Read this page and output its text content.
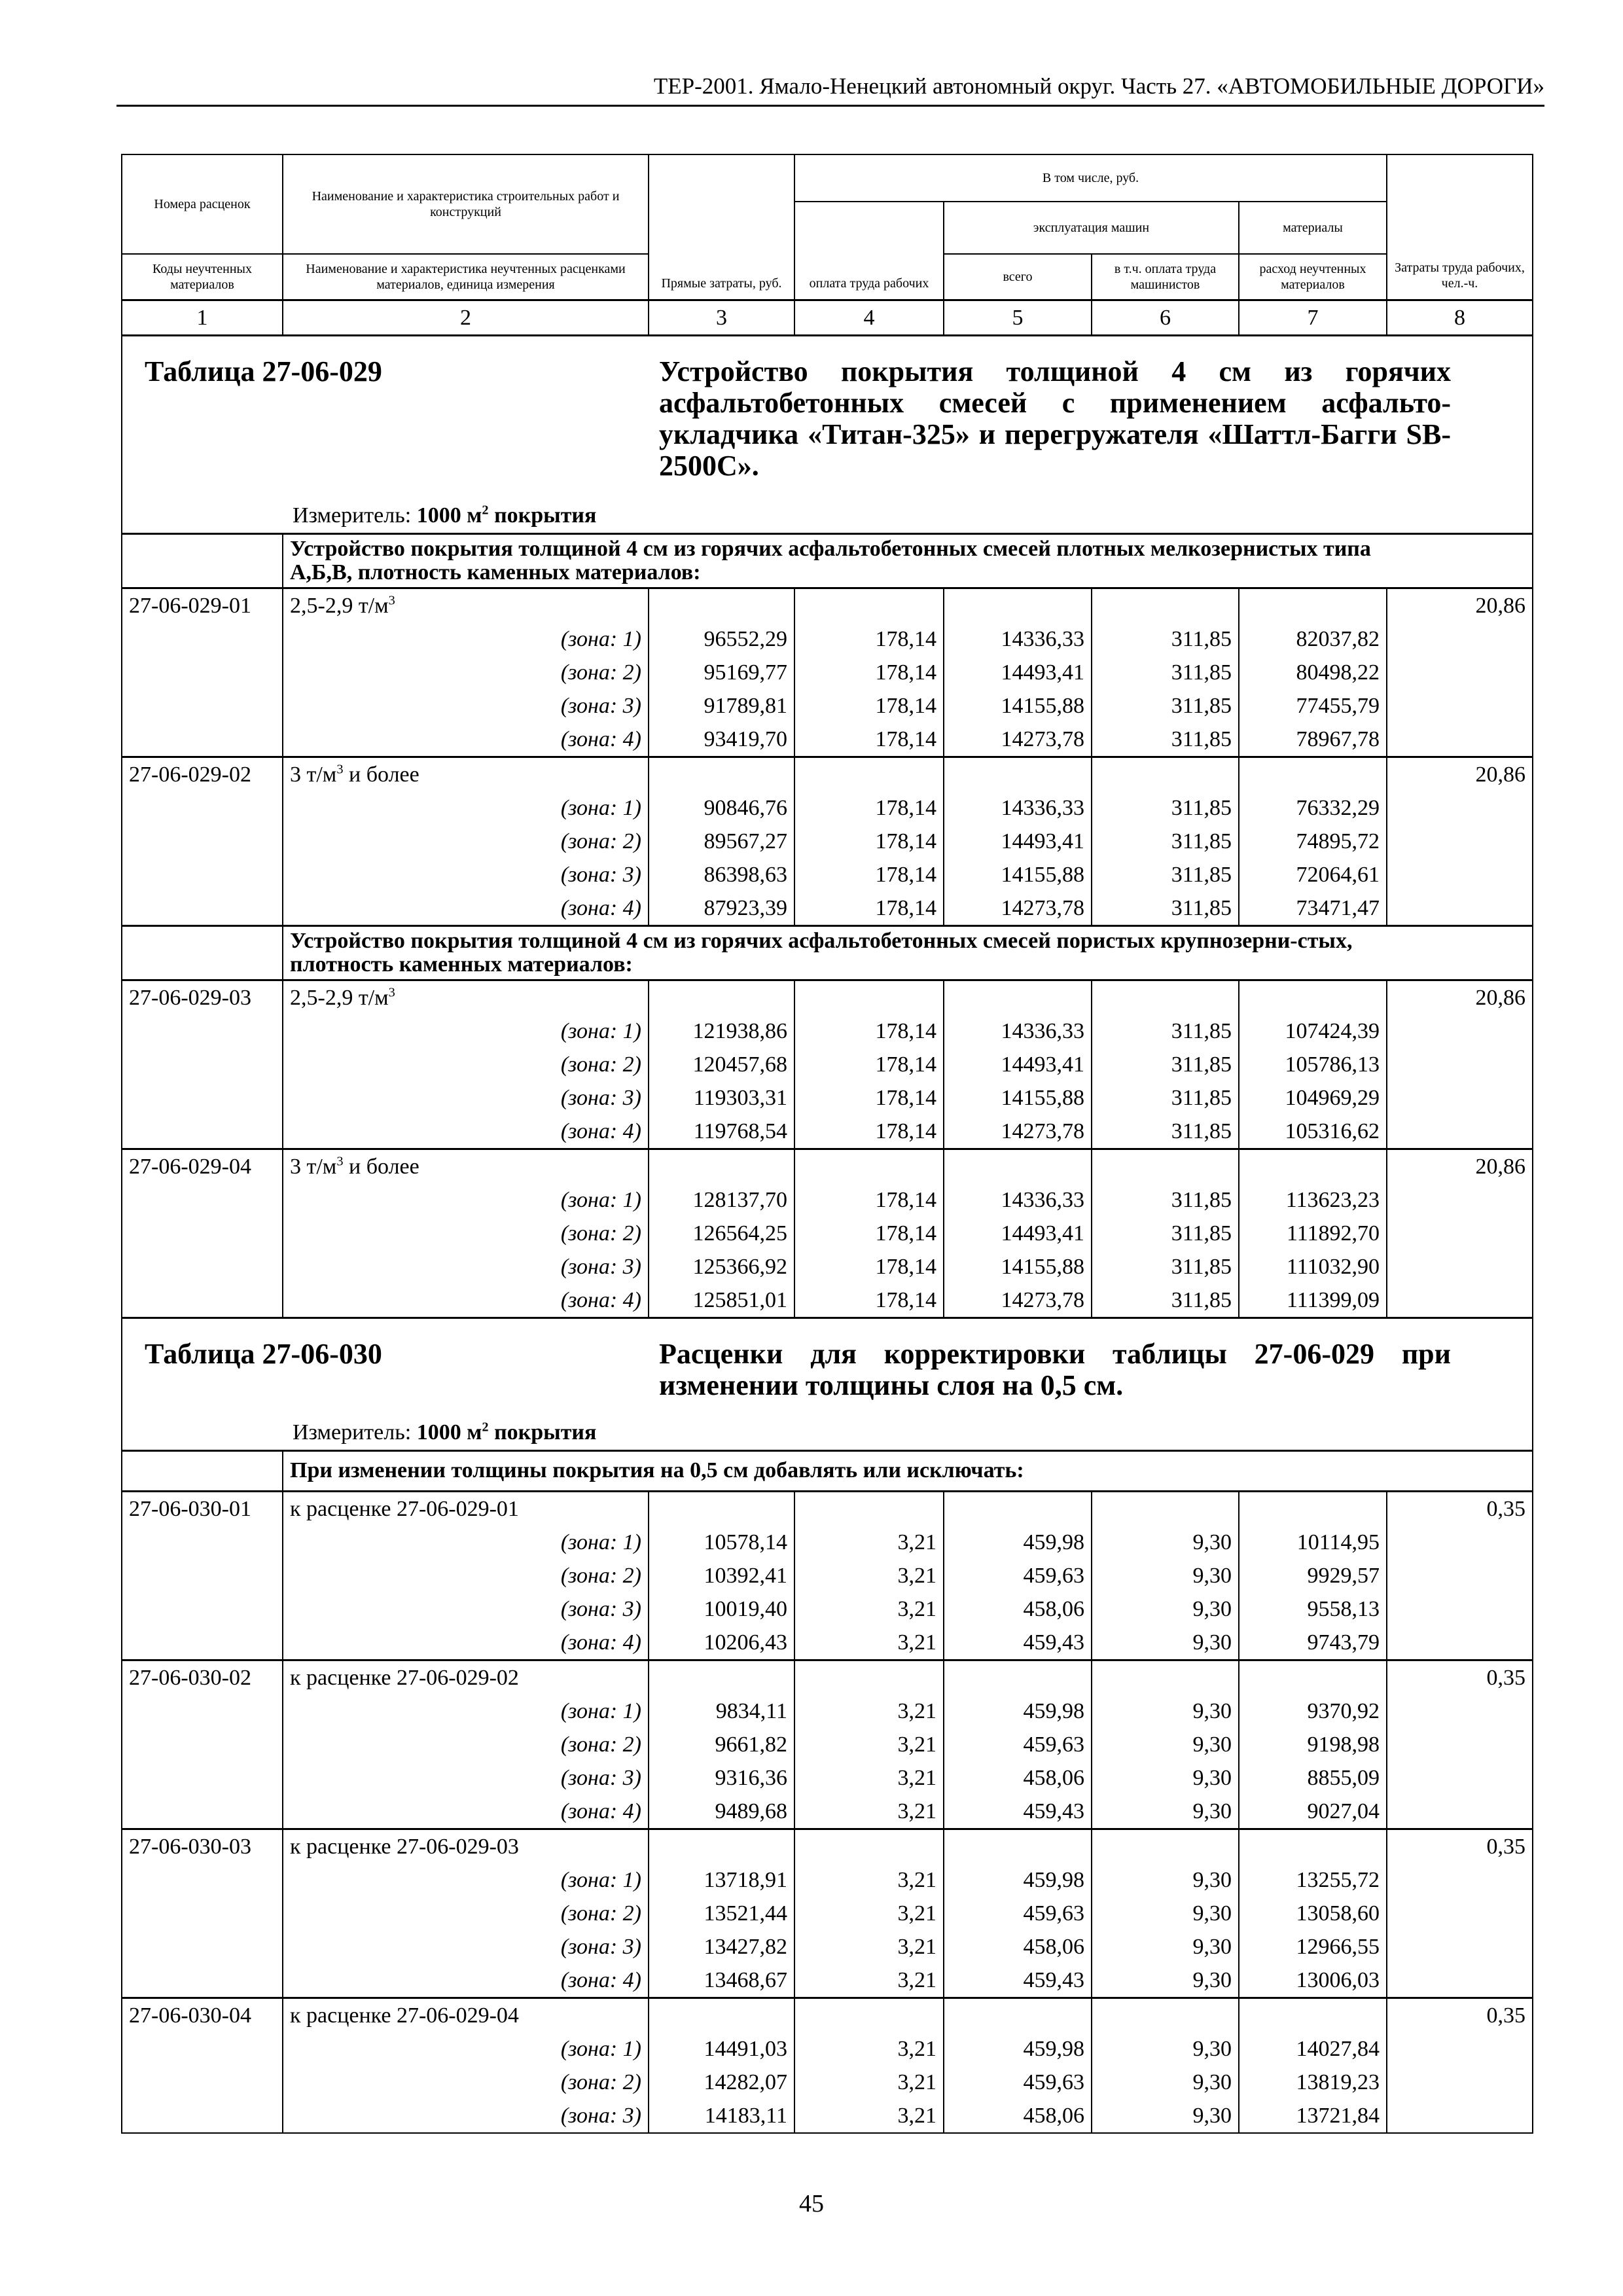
ТЕР-2001. Ямало-Ненецкий автономный округ. Часть 27. «АВТОМОБИЛЬНЫЕ ДОРОГИ»
Номера расценок	Наименование и характеристика строительных работ и конструкций	Прямые затраты, руб.	В том числе, руб.				Затраты труда рабочих, чел.-ч.
			оплата труда рабочих	эксплуатация машин		материалы	
Коды неучтенных материалов	Наименование и характеристика неучтенных расценками материалов, единица измерения			всего	в т.ч. оплата труда машинистов	расход неучтенных материалов	

1	2	3	4	5	6	7	8

Таблица 27-06-029 Устройство покрытия толщиной 4 см из горячих асфальтобетонных смесей с применением асфальто-укладчика «Титан-325» и перегружателя «Шаттл-Багги SB-2500С».
Измеритель: 1000 $м^2$ покрытия							

	Устройство покрытия толщиной 4 см из горячих асфальтобетонных смесей плотных мелкозернистых типа А,Б,В, плотность каменных материалов:						
27-06-029-01	2,5-2,9 $т/м^3$						20,86
	(зона: 1)	96552,29	178,14	14336,33	311,85	82037,82	
	(зона: 2)	95169,77	178,14	14493,41	311,85	80498,22	
	(зона: 3)	91789,81	178,14	14155,88	311,85	77455,79	
	(зона: 4)	93419,70	178,14	14273,78	311,85	78967,78	
27-06-029-02	3 $т/м^3$ и более						20,86
	(зона: 1)	90846,76	178,14	14336,33	311,85	76332,29	
	(зона: 2)	89567,27	178,14	14493,41	311,85	74895,72	
	(зона: 3)	86398,63	178,14	14155,88	311,85	72064,61	
	(зона: 4)	87923,39	178,14	14273,78	311,85	73471,47	
	Устройство покрытия толщиной 4 см из горячих асфальтобетонных смесей пористых крупнозерни-стых, плотность каменных материалов:						
27-06-029-03	2,5-2,9 $т/м^3$						20,86
	(зона: 1)	121938,86	178,14	14336,33	311,85	107424,39	
	(зона: 2)	120457,68	178,14	14493,41	311,85	105786,13	
	(зона: 3)	119303,31	178,14	14155,88	311,85	104969,29	
	(зона: 4)	119768,54	178,14	14273,78	311,85	105316,62	
27-06-029-04	3 $т/м^3$ и более						20,86
	(зона: 1)	128137,70	178,14	14336,33	311,85	113623,23	
	(зона: 2)	126564,25	178,14	14493,41	311,85	111892,70	
	(зона: 3)	125366,92	178,14	14155,88	311,85	111032,90	
	(зона: 4)	125851,01	178,14	14273,78	311,85	111399,09	

Таблица 27-06-030 Расценки для корректировки таблицы 27-06-029 при изменении толщины слоя на 0,5 см.
Измеритель: 1000 $м^2$ покрытия							

	При изменении толщины покрытия на 0,5 см добавлять или исключать:						
27-06-030-01	к расценке 27-06-029-01						0,35
	(зона: 1)	10578,14	3,21	459,98	9,30	10114,95	
	(зона: 2)	10392,41	3,21	459,63	9,30	9929,57	
	(зона: 3)	10019,40	3,21	458,06	9,30	9558,13	
	(зона: 4)	10206,43	3,21	459,43	9,30	9743,79	
27-06-030-02	к расценке 27-06-029-02						0,35
	(зона: 1)	9834,11	3,21	459,98	9,30	9370,92	
	(зона: 2)	9661,82	3,21	459,63	9,30	9198,98	
	(зона: 3)	9316,36	3,21	458,06	9,30	8855,09	
	(зона: 4)	9489,68	3,21	459,43	9,30	9027,04	
27-06-030-03	к расценке 27-06-029-03						0,35
	(зона: 1)	13718,91	3,21	459,98	9,30	13255,72	
	(зона: 2)	13521,44	3,21	459,63	9,30	13058,60	
	(зона: 3)	13427,82	3,21	458,06	9,30	12966,55	
	(зона: 4)	13468,67	3,21	459,43	9,30	13006,03	
27-06-030-04	к расценке 27-06-029-04						0,35
	(зона: 1)	14491,03	3,21	459,98	9,30	14027,84	
	(зона: 2)	14282,07	3,21	459,63	9,30	13819,23	
	(зона: 3)	14183,11	3,21	458,06	9,30	13721,84	
45
